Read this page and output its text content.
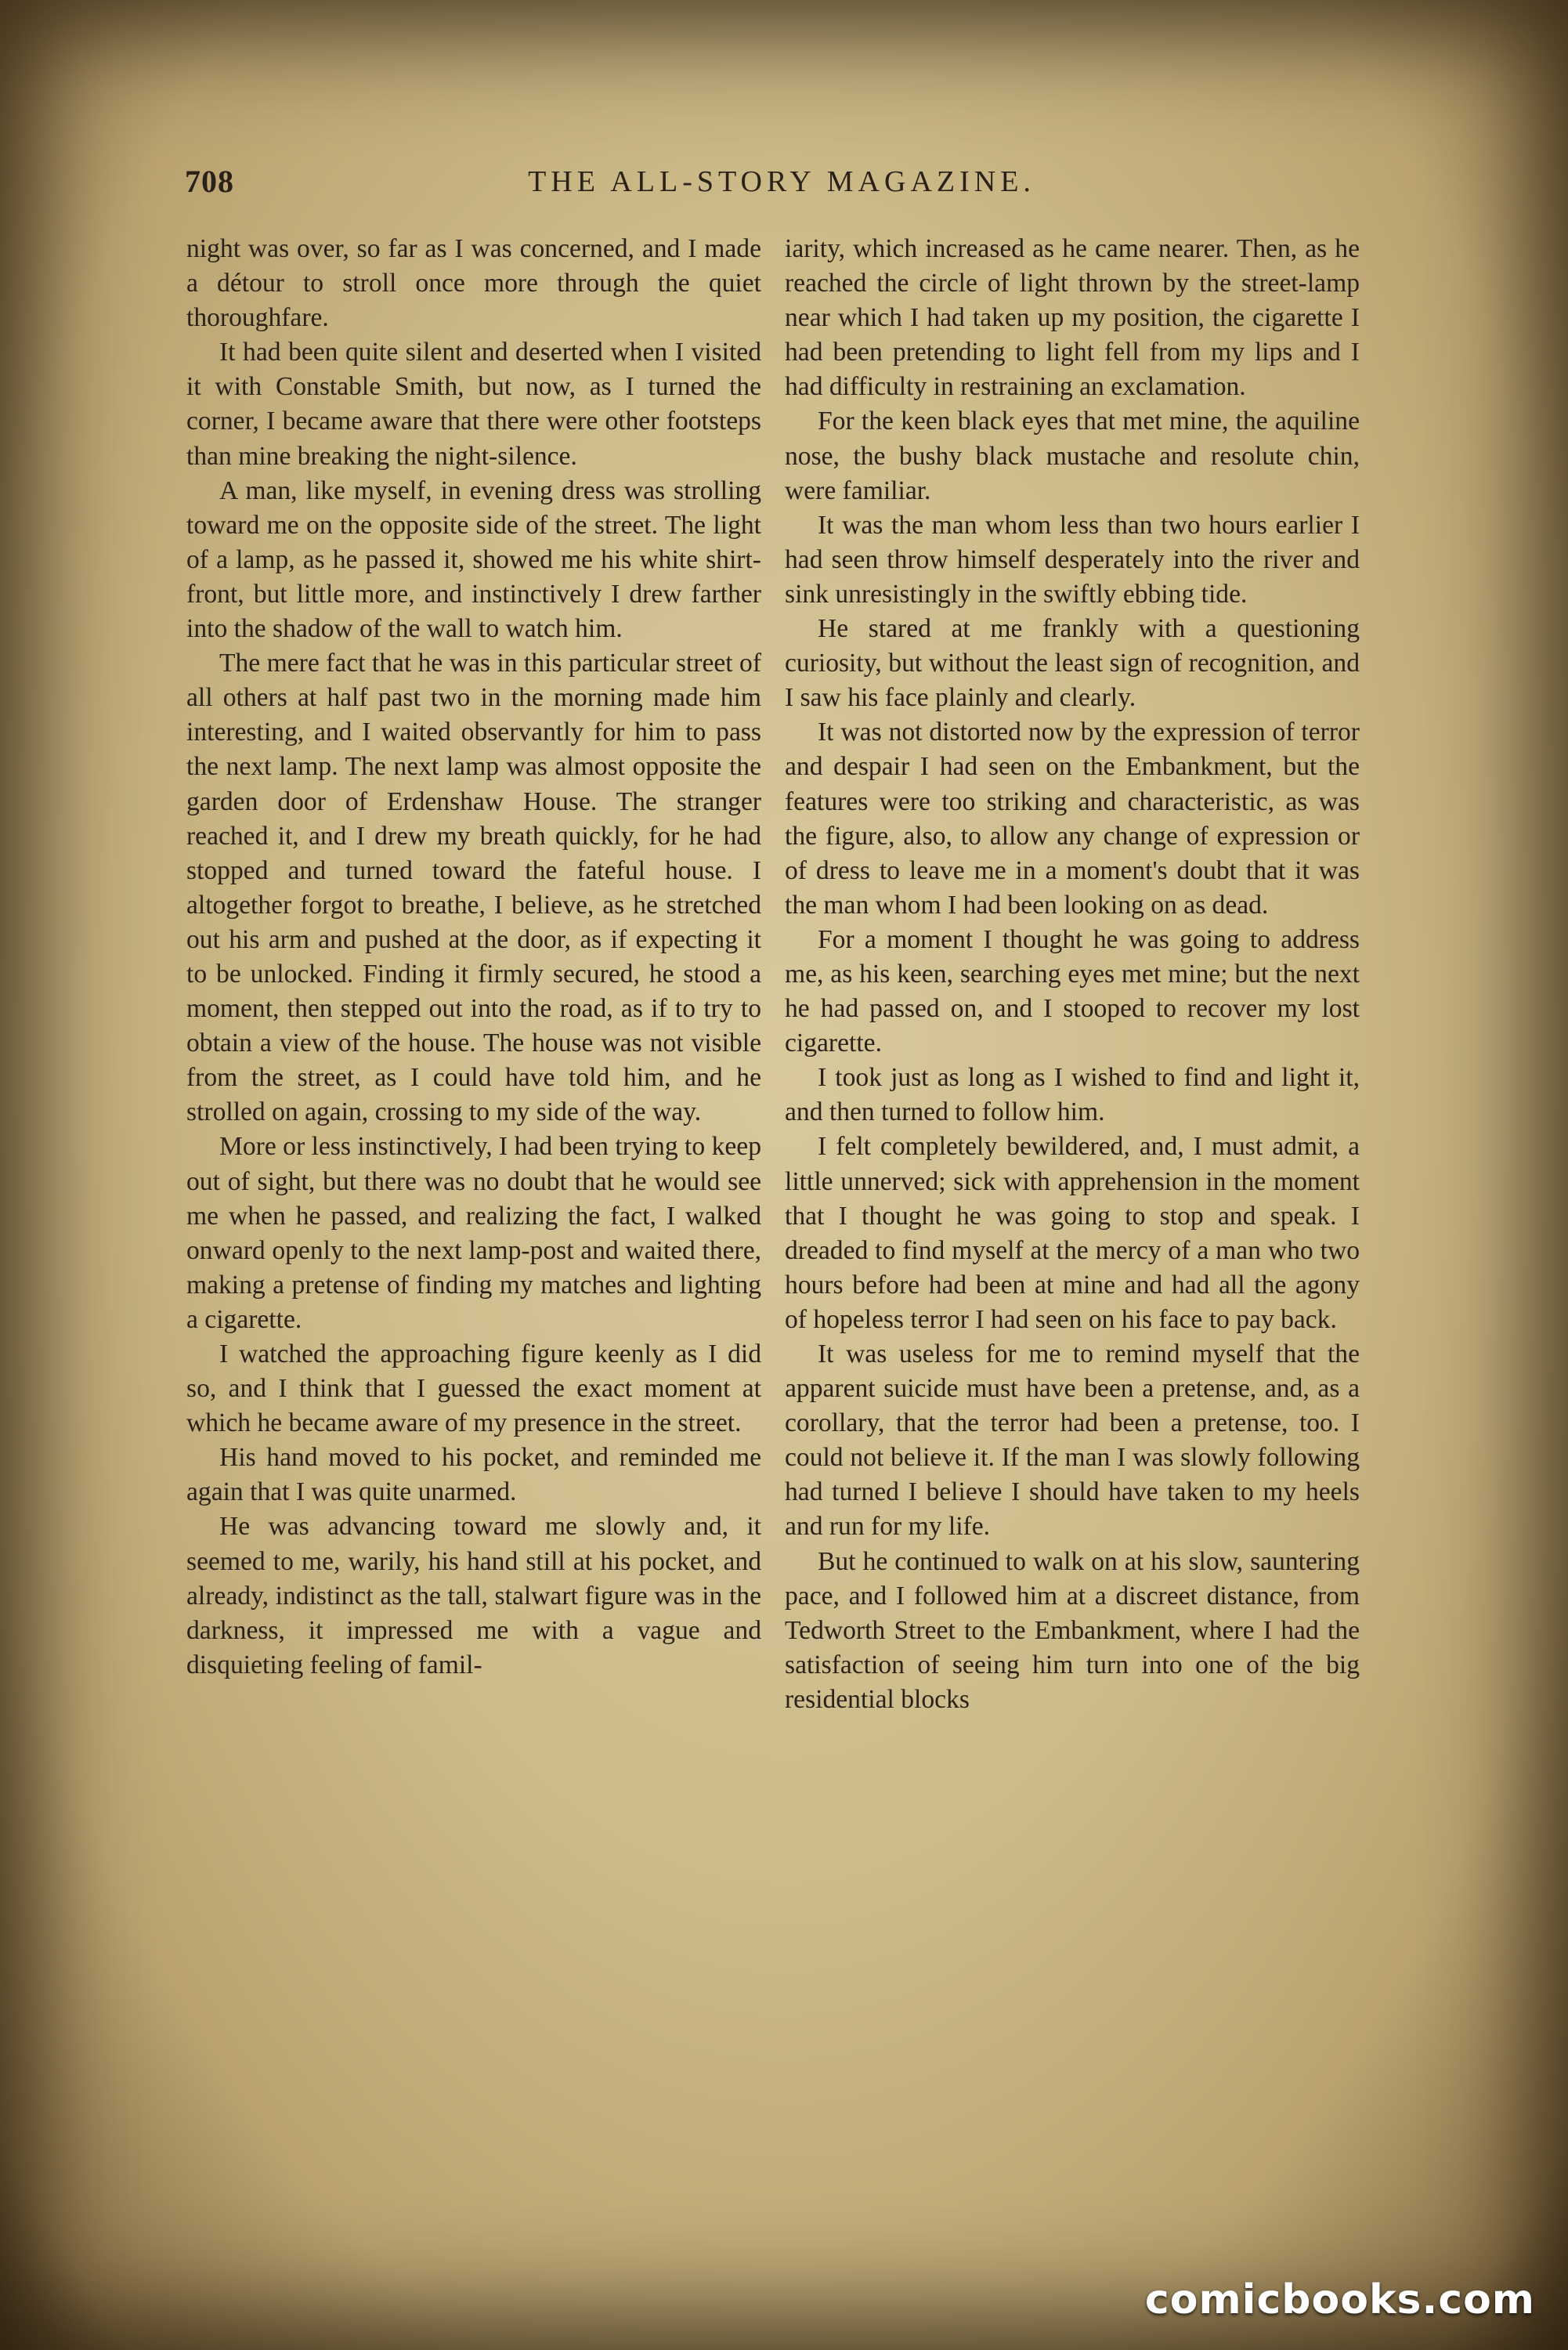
708	THE ALL-STORY MAGAZINE.

night was over, so far as I was concerned, and I made a détour to stroll once more through the quiet thoroughfare.

It had been quite silent and deserted when I visited it with Constable Smith, but now, as I turned the corner, I became aware that there were other footsteps than mine breaking the night-silence.

A man, like myself, in evening dress was strolling toward me on the opposite side of the street. The light of a lamp, as he passed it, showed me his white shirt-front, but little more, and instinctively I drew farther into the shadow of the wall to watch him.

The mere fact that he was in this particular street of all others at half past two in the morning made him interesting, and I waited observantly for him to pass the next lamp. The next lamp was almost opposite the garden door of Erdenshaw House. The stranger reached it, and I drew my breath quickly, for he had stopped and turned toward the fateful house. I altogether forgot to breathe, I believe, as he stretched out his arm and pushed at the door, as if expecting it to be unlocked. Finding it firmly secured, he stood a moment, then stepped out into the road, as if to try to obtain a view of the house. The house was not visible from the street, as I could have told him, and he strolled on again, crossing to my side of the way.

More or less instinctively, I had been trying to keep out of sight, but there was no doubt that he would see me when he passed, and realizing the fact, I walked onward openly to the next lamp-post and waited there, making a pretense of finding my matches and lighting a cigarette.

I watched the approaching figure keenly as I did so, and I think that I guessed the exact moment at which he became aware of my presence in the street.

His hand moved to his pocket, and reminded me again that I was quite unarmed.

He was advancing toward me slowly and, it seemed to me, warily, his hand still at his pocket, and already, indistinct as the tall, stalwart figure was in the darkness, it impressed me with a vague and disquieting feeling of famil-

iarity, which increased as he came nearer. Then, as he reached the circle of light thrown by the street-lamp near which I had taken up my position, the cigarette I had been pretending to light fell from my lips and I had difficulty in restraining an exclamation.

For the keen black eyes that met mine, the aquiline nose, the bushy black mustache and resolute chin, were familiar.

It was the man whom less than two hours earlier I had seen throw himself desperately into the river and sink unresistingly in the swiftly ebbing tide.

He stared at me frankly with a questioning curiosity, but without the least sign of recognition, and I saw his face plainly and clearly.

It was not distorted now by the expression of terror and despair I had seen on the Embankment, but the features were too striking and characteristic, as was the figure, also, to allow any change of expression or of dress to leave me in a moment's doubt that it was the man whom I had been looking on as dead.

For a moment I thought he was going to address me, as his keen, searching eyes met mine; but the next he had passed on, and I stooped to recover my lost cigarette.

I took just as long as I wished to find and light it, and then turned to follow him.

I felt completely bewildered, and, I must admit, a little unnerved; sick with apprehension in the moment that I thought he was going to stop and speak. I dreaded to find myself at the mercy of a man who two hours before had been at mine and had all the agony of hopeless terror I had seen on his face to pay back.

It was useless for me to remind myself that the apparent suicide must have been a pretense, and, as a corollary, that the terror had been a pretense, too. I could not believe it. If the man I was slowly following had turned I believe I should have taken to my heels and run for my life.

But he continued to walk on at his slow, sauntering pace, and I followed him at a discreet distance, from Tedworth Street to the Embankment, where I had the satisfaction of seeing him turn into one of the big residential blocks

comicbooks.com
